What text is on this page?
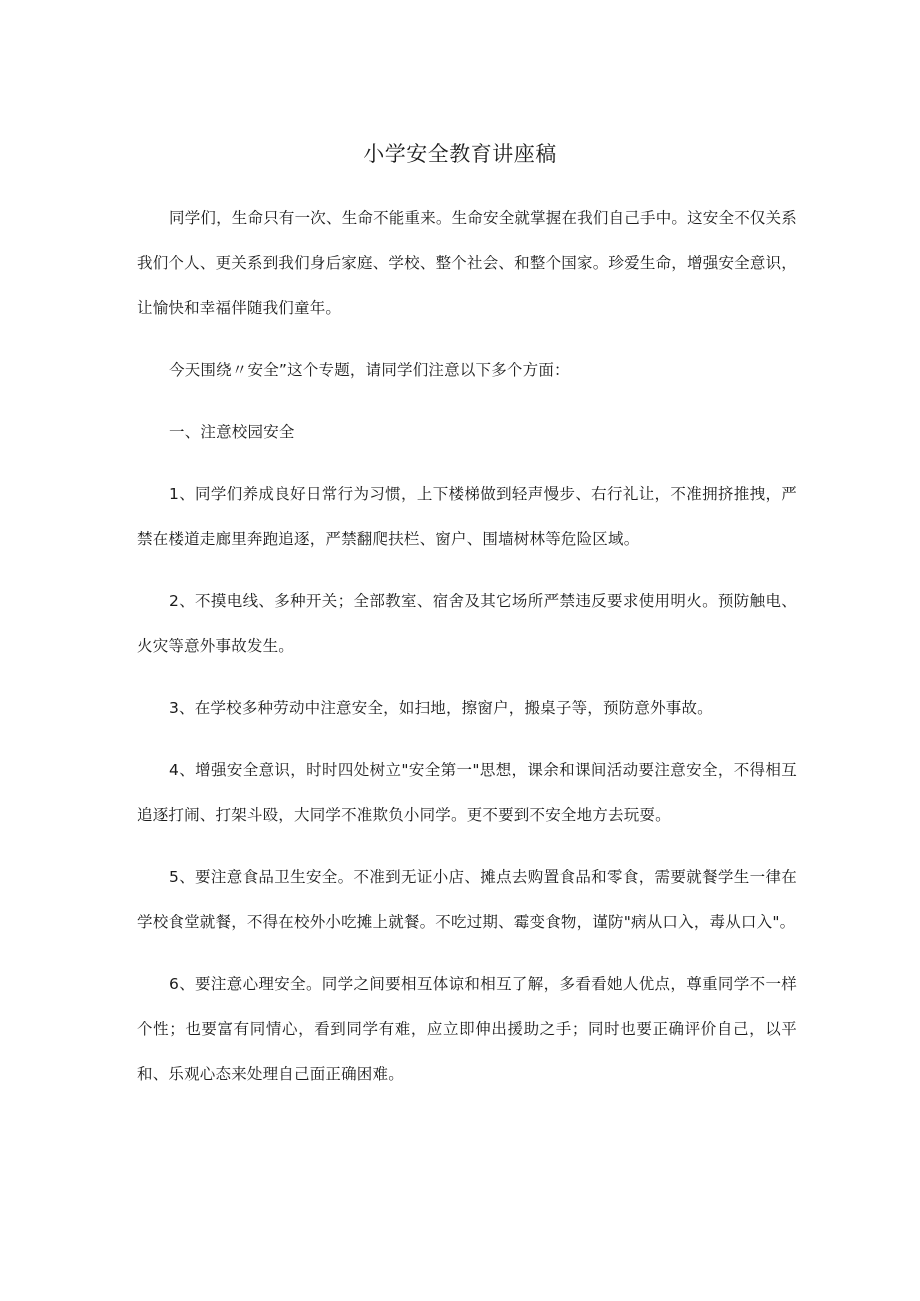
小学安全教育讲座稿

同学们，生命只有一次、生命不能重来。生命安全就掌握在我们自己手中。这安全不仅关系我们个人、更关系到我们身后家庭、学校、整个社会、和整个国家。珍爱生命，增强安全意识，让愉快和幸福伴随我们童年。

今天围绕〃安全”这个专题，请同学们注意以下多个方面：

一、注意校园安全

1、同学们养成良好日常行为习惯，上下楼梯做到轻声慢步、右行礼让，不准拥挤推拽，严禁在楼道走廊里奔跑追逐，严禁翻爬扶栏、窗户、围墙树林等危险区域。

2、不摸电线、多种开关；全部教室、宿舍及其它场所严禁违反要求使用明火。预防触电、火灾等意外事故发生。

3、在学校多种劳动中注意安全，如扫地，擦窗户，搬桌子等，预防意外事故。

4、增强安全意识，时时四处树立"安全第一"思想，课余和课间活动要注意安全，不得相互追逐打闹、打架斗殴，大同学不准欺负小同学。更不要到不安全地方去玩耍。

5、要注意食品卫生安全。不准到无证小店、摊点去购置食品和零食，需要就餐学生一律在学校食堂就餐，不得在校外小吃摊上就餐。不吃过期、霉变食物，谨防"病从口入，毒从口入"。

6、要注意心理安全。同学之间要相互体谅和相互了解，多看看她人优点，尊重同学不一样个性；也要富有同情心，看到同学有难，应立即伸出援助之手；同时也要正确评价自己，以平和、乐观心态来处理自己面正确困难。
